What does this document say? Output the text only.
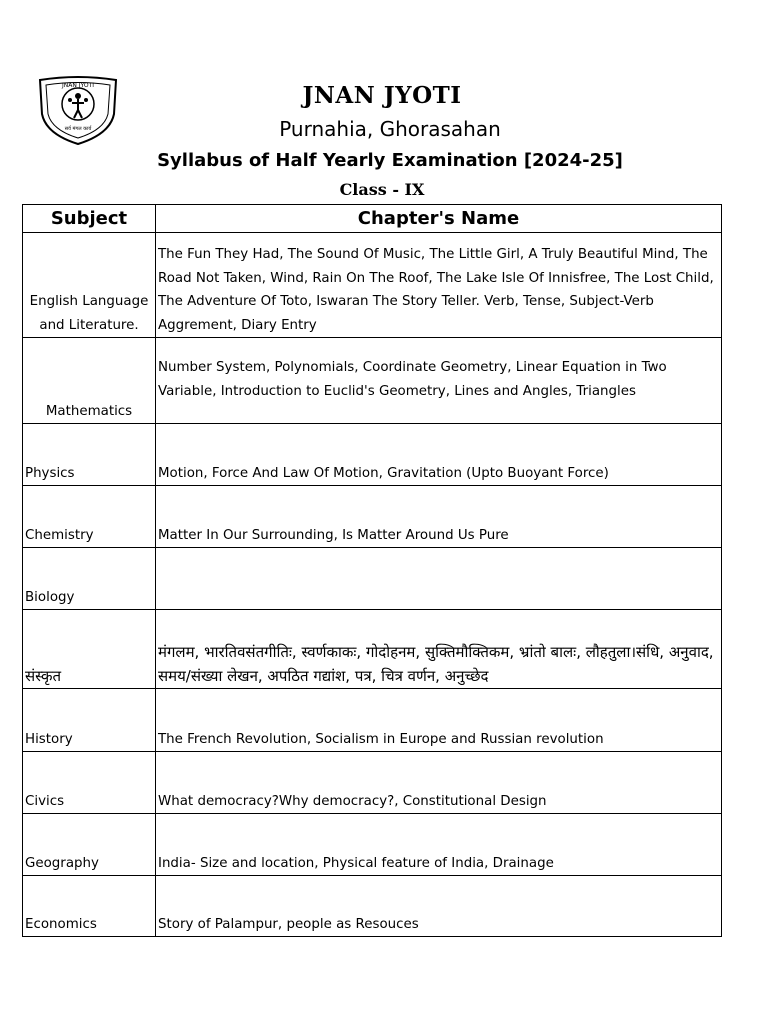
JNAN JYOTI
सर्व मंगल कार्य
JNAN JYOTI
Purnahia, Ghorasahan
Syllabus of Half Yearly Examination [2024-25]
Class - IX
Subject	Chapter's Name
English Language and Literature.	The Fun They Had, The Sound Of Music, The Little Girl, A Truly Beautiful Mind, The Road Not Taken, Wind, Rain On The Roof, The Lake Isle Of Innisfree, The Lost Child, The Adventure Of Toto, Iswaran The Story Teller. Verb, Tense, Subject-Verb Aggrement, Diary Entry
Mathematics	Number System, Polynomials, Coordinate Geometry, Linear Equation in Two Variable, Introduction to Euclid's Geometry, Lines and Angles, Triangles
Physics	Motion, Force And Law Of Motion, Gravitation (Upto Buoyant Force)
Chemistry	Matter In Our Surrounding, Is Matter Around Us Pure
Biology	
संस्कृत	मंगलम, भारतिवसंतगीतिः, स्वर्णकाकः, गोदोहनम, सुक्तिमौक्तिकम, भ्रांतो बालः, लौहतुला।संधि, अनुवाद, समय/संख्या लेखन, अपठित गद्यांश, पत्र, चित्र वर्णन, अनुच्छेद
History	The French Revolution, Socialism in Europe and Russian revolution
Civics	What democracy?Why democracy?, Constitutional Design
Geography	India- Size and location, Physical feature of India, Drainage
Economics	Story of Palampur, people as Resouces
